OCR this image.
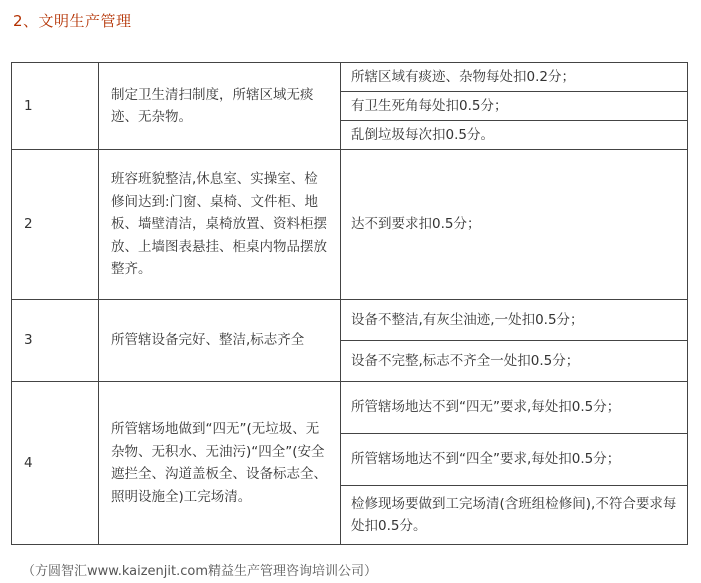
2、文明生产管理
1	制定卫生清扫制度，所辖区域无痰迹、无杂物。	所辖区域有痰迹、杂物每处扣0.2分；
		有卫生死角每处扣0.5分；
		乱倒垃圾每次扣0.5分。
2	班容班貌整洁,休息室、实操室、检修间达到:门窗、桌椅、文件柜、地板、墙壁清洁，桌椅放置、资料柜摆放、上墙图表悬挂、柜桌内物品摆放整齐。	达不到要求扣0.5分；
3	所管辖设备完好、整洁,标志齐全	设备不整洁,有灰尘油迹,一处扣0.5分；
		设备不完整,标志不齐全一处扣0.5分；
4	所管辖场地做到“四无”(无垃圾、无杂物、无积水、无油污)“四全”(安全遮拦全、沟道盖板全、设备标志全、照明设施全)工完场清。	所管辖场地达不到“四无”要求,每处扣0.5分；
		所管辖场地达不到“四全”要求,每处扣0.5分；
		检修现场要做到工完场清(含班组检修间),不符合要求每处扣0.5分。
（方圆智汇www.kaizenjit.com精益生产管理咨询培训公司）
